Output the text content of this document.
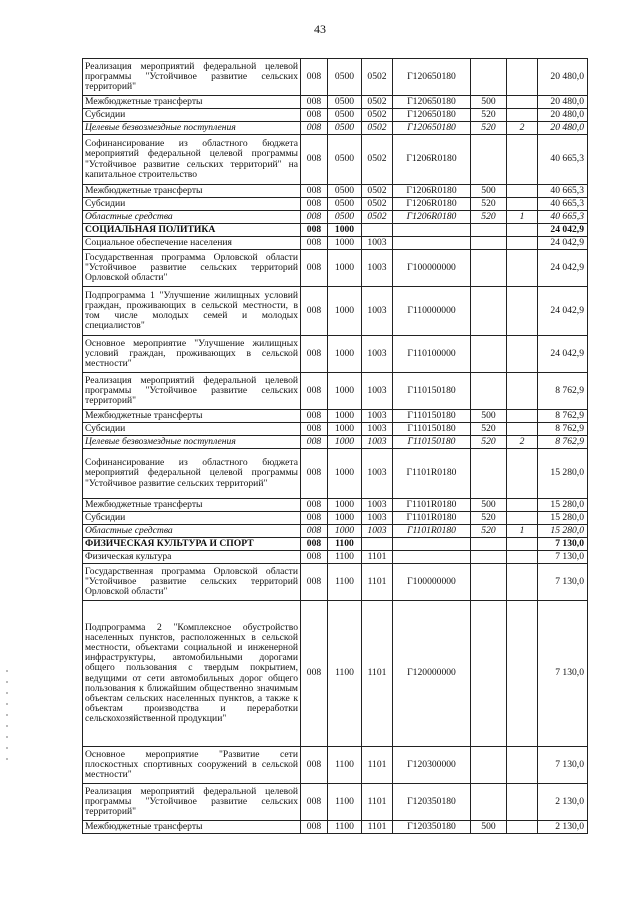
43
Реализация мероприятий федеральной целевой программы "Устойчивое развитие сельских территорий"	008	0500	0502	Г120650180			20 480,0
Межбюджетные трансферты	008	0500	0502	Г120650180	500		20 480,0
Субсидии	008	0500	0502	Г120650180	520		20 480,0
Целевые безвозмездные поступления	008	0500	0502	Г120650180	520	2	20 480,0
Софинансирование из областного бюджета мероприятий федеральной целевой программы "Устойчивое развитие сельских территорий" на капитальное строительство	008	0500	0502	Г1206R0180			40 665,3
Межбюджетные трансферты	008	0500	0502	Г1206R0180	500		40 665,3
Субсидии	008	0500	0502	Г1206R0180	520		40 665,3
Областные средства	008	0500	0502	Г1206R0180	520	1	40 665,3
СОЦИАЛЬНАЯ ПОЛИТИКА	008	1000					24 042,9
Социальное обеспечение населения	008	1000	1003				24 042,9
Государственная программа Орловской области "Устойчивое развитие сельских территорий Орловской области"	008	1000	1003	Г100000000			24 042,9
Подпрограмма 1 "Улучшение жилищных условий граждан, проживающих в сельской местности, в том числе молодых семей и молодых специалистов"	008	1000	1003	Г110000000			24 042,9
Основное мероприятие "Улучшение жилищных условий граждан, проживающих в сельской местности"	008	1000	1003	Г110100000			24 042,9
Реализация мероприятий федеральной целевой программы "Устойчивое развитие сельских территорий"	008	1000	1003	Г110150180			8 762,9
Межбюджетные трансферты	008	1000	1003	Г110150180	500		8 762,9
Субсидии	008	1000	1003	Г110150180	520		8 762,9
Целевые безвозмездные поступления	008	1000	1003	Г110150180	520	2	8 762,9
Софинансирование из областного бюджета мероприятий федеральной целевой программы "Устойчивое развитие сельских территорий"	008	1000	1003	Г1101R0180			15 280,0
Межбюджетные трансферты	008	1000	1003	Г1101R0180	500		15 280,0
Субсидии	008	1000	1003	Г1101R0180	520		15 280,0
Областные средства	008	1000	1003	Г1101R0180	520	1	15 280,0
ФИЗИЧЕСКАЯ КУЛЬТУРА И СПОРТ	008	1100					7 130,0
Физическая культура	008	1100	1101				7 130,0
Государственная программа Орловской области "Устойчивое развитие сельских территорий Орловской области"	008	1100	1101	Г100000000			7 130,0
Подпрограмма 2 "Комплексное обустройство населенных пунктов, расположенных в сельской местности, объектами социальной и инженерной инфраструктуры, автомобильными дорогами общего пользования с твердым покрытием, ведущими от сети автомобильных дорог общего пользования к ближайшим общественно значимым объектам сельских населенных пунктов, а также к объектам производства и переработки сельскохозяйственной продукции"	008	1100	1101	Г120000000			7 130,0
Основное мероприятие "Развитие сети плоскостных спортивных сооружений в сельской местности"	008	1100	1101	Г120300000			7 130,0
Реализация мероприятий федеральной целевой программы "Устойчивое развитие сельских территорий"	008	1100	1101	Г120350180			2 130,0
Межбюджетные трансферты	008	1100	1101	Г120350180	500		2 130,0
